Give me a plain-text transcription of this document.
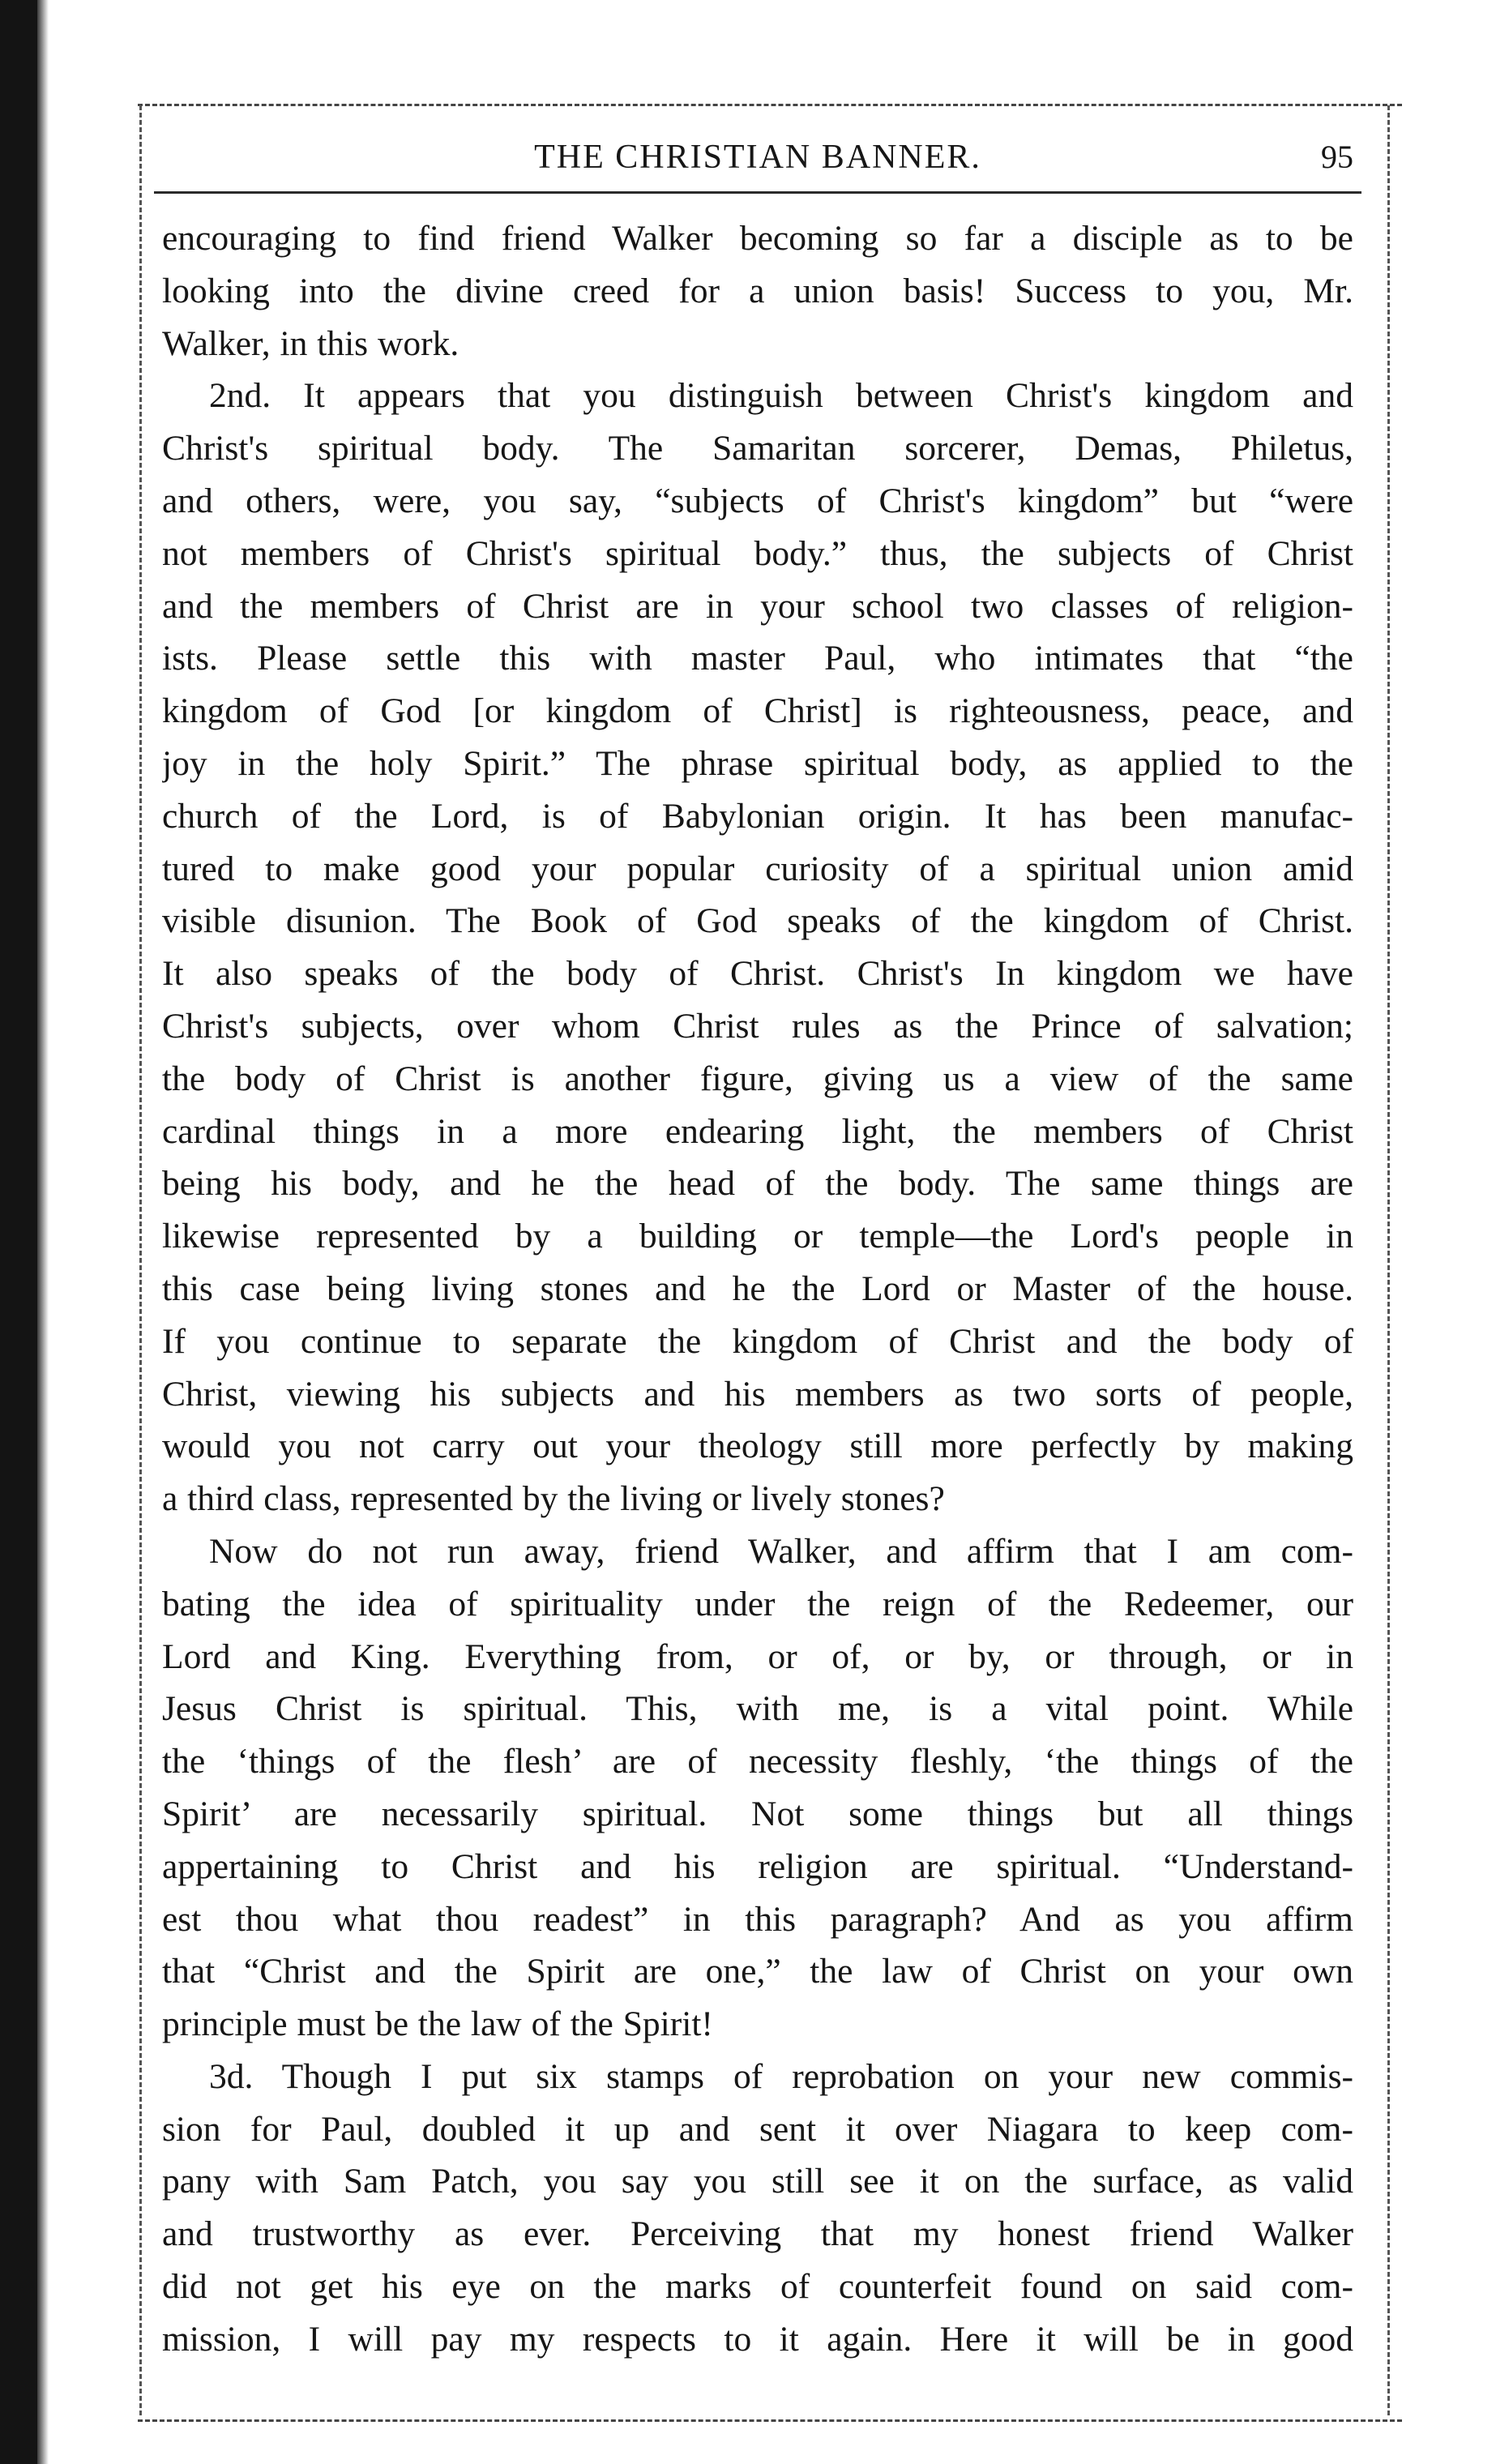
THE CHRISTIAN BANNER.	95
encouraging to find friend Walker becoming so far a disciple as to be
looking into the divine creed for a union basis! Success to you, Mr.
Walker, in this work.
2nd. It appears that you distinguish between Christ's kingdom and
Christ's spiritual body. The Samaritan sorcerer, Demas, Philetus,
and others, were, you say, “subjects of Christ's kingdom” but “were
not members of Christ's spiritual body.” thus, the subjects of Christ
and the members of Christ are in your school two classes of religion-
ists. Please settle this with master Paul, who intimates that “the
kingdom of God [or kingdom of Christ] is righteousness, peace, and
joy in the holy Spirit.” The phrase spiritual body, as applied to the
church of the Lord, is of Babylonian origin. It has been manufac-
tured to make good your popular curiosity of a spiritual union amid
visible disunion. The Book of God speaks of the kingdom of Christ.
It also speaks of the body of Christ. Christ's In kingdom we have
Christ's subjects, over whom Christ rules as the Prince of salvation;
the body of Christ is another figure, giving us a view of the same
cardinal things in a more endearing light, the members of Christ
being his body, and he the head of the body. The same things are
likewise represented by a building or temple—the Lord's people in
this case being living stones and he the Lord or Master of the house.
If you continue to separate the kingdom of Christ and the body of
Christ, viewing his subjects and his members as two sorts of people,
would you not carry out your theology still more perfectly by making
a third class, represented by the living or lively stones?
Now do not run away, friend Walker, and affirm that I am com-
bating the idea of spirituality under the reign of the Redeemer, our
Lord and King. Everything from, or of, or by, or through, or in
Jesus Christ is spiritual. This, with me, is a vital point. While
the ‘things of the flesh’ are of necessity fleshly, ‘the things of the
Spirit’ are necessarily spiritual. Not some things but all things
appertaining to Christ and his religion are spiritual. “Understand-
est thou what thou readest” in this paragraph? And as you affirm
that “Christ and the Spirit are one,” the law of Christ on your own
principle must be the law of the Spirit!
3d. Though I put six stamps of reprobation on your new commis-
sion for Paul, doubled it up and sent it over Niagara to keep com-
pany with Sam Patch, you say you still see it on the surface, as valid
and trustworthy as ever. Perceiving that my honest friend Walker
did not get his eye on the marks of counterfeit found on said com-
mission, I will pay my respects to it again. Here it will be in good
